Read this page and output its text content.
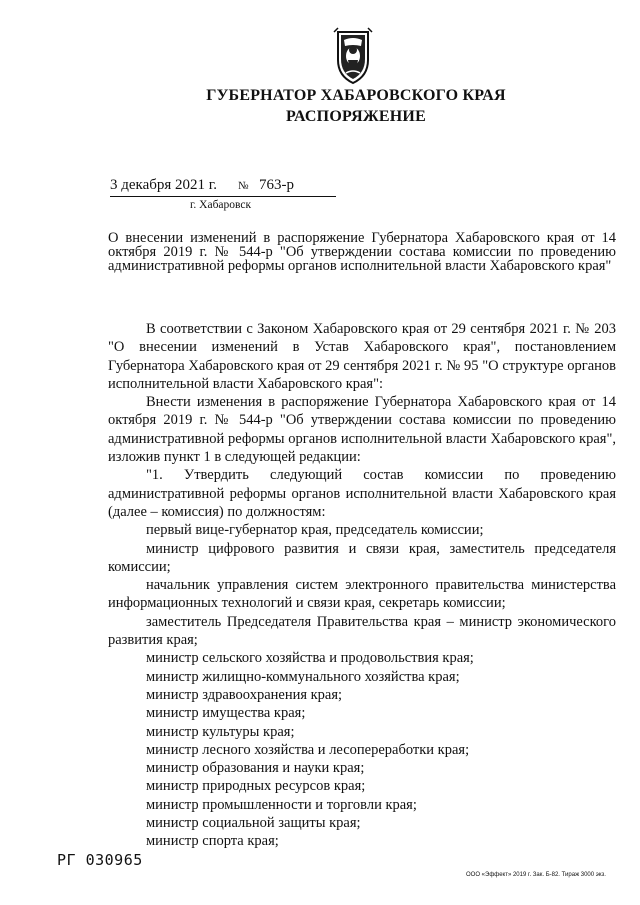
ГУБЕРНАТОР ХАБАРОВСКОГО КРАЯ
РАСПОРЯЖЕНИЕ
3 декабря 2021 г. № 763-р
г. Хабаровск
О внесении изменений в распоряжение Губернатора Хабаровского края от 14 октября 2019 г. № 544-р "Об утверждении состава комиссии по проведению административной реформы органов исполнительной власти Хабаровского края"

В соответствии с Законом Хабаровского края от 29 сентября 2021 г. № 203 "О внесении изменений в Устав Хабаровского края", постановлением Губернатора Хабаровского края от 29 сентября 2021 г. № 95 "О структуре органов исполнительной власти Хабаровского края":

Внести изменения в распоряжение Губернатора Хабаровского края от 14 октября 2019 г. № 544-р "Об утверждении состава комиссии по проведению административной реформы органов исполнительной власти Хабаровского края", изложив пункт 1 в следующей редакции:

"1. Утвердить следующий состав комиссии по проведению административной реформы органов исполнительной власти Хабаровского края (далее – комиссия) по должностям:

первый вице-губернатор края, председатель комиссии;

министр цифрового развития и связи края, заместитель председателя комиссии;

начальник управления систем электронного правительства министерства информационных технологий и связи края, секретарь комиссии;

заместитель Председателя Правительства края – министр экономического развития края;

министр сельского хозяйства и продовольствия края;

министр жилищно-коммунального хозяйства края;

министр здравоохранения края;

министр имущества края;

министр культуры края;

министр лесного хозяйства и лесопереработки края;

министр образования и науки края;

министр природных ресурсов края;

министр промышленности и торговли края;

министр социальной защиты края;

министр спорта края;

РГ 030965
ООО «Эффект» 2019 г. Зак. Б-82. Тираж 3000 экз.
